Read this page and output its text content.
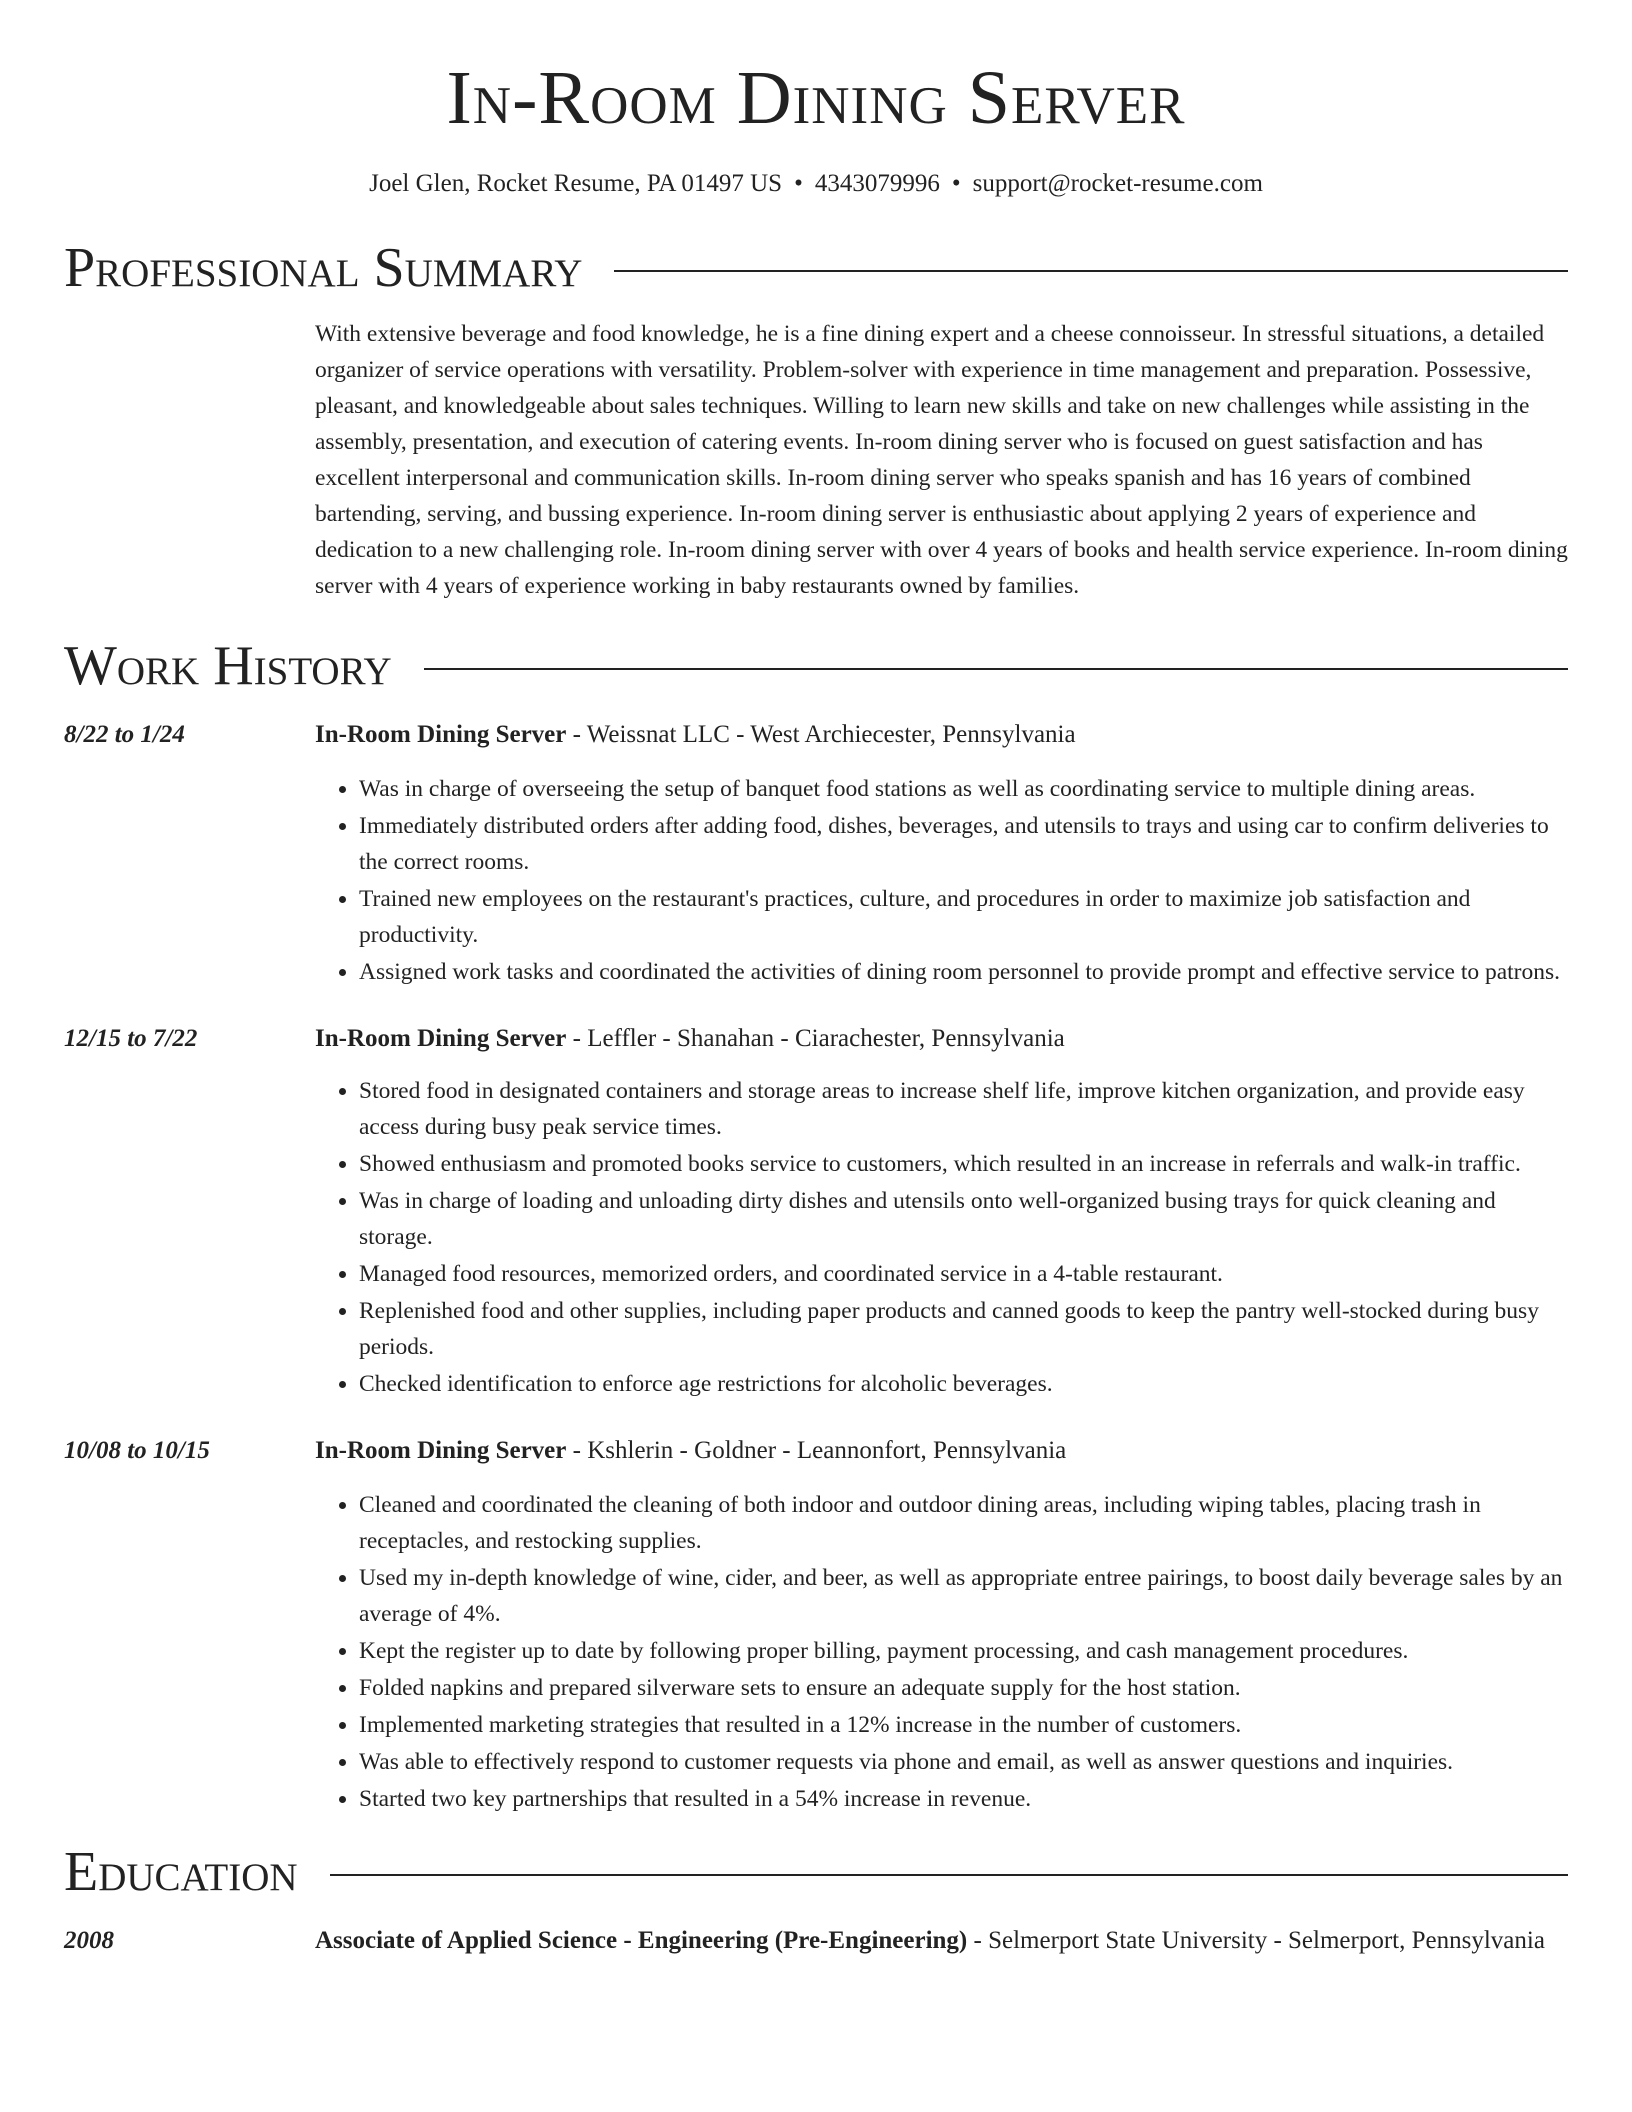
In-Room Dining Server
Joel Glen, Rocket Resume, PA 01497 US • 4343079996 • support@rocket-resume.com
Professional Summary

With extensive beverage and food knowledge, he is a fine dining expert and a cheese connoisseur. In stressful situations, a detailed organizer of service operations with versatility. Problem-solver with experience in time management and preparation. Possessive, pleasant, and knowledgeable about sales techniques. Willing to learn new skills and take on new challenges while assisting in the assembly, presentation, and execution of catering events. In-room dining server who is focused on guest satisfaction and has excellent interpersonal and communication skills. In-room dining server who speaks spanish and has 16 years of combined bartending, serving, and bussing experience. In-room dining server is enthusiastic about applying 2 years of experience and dedication to a new challenging role. In-room dining server with over 4 years of books and health service experience. In-room dining server with 4 years of experience working in baby restaurants owned by families.

Work History
8/22 to 1/24	In-Room Dining Server - Weissnat LLC - West Archiecester, Pennsylvania
• Was in charge of overseeing the setup of banquet food stations as well as coordinating service to multiple dining areas.
• Immediately distributed orders after adding food, dishes, beverages, and utensils to trays and using car to confirm deliveries to the correct rooms.
• Trained new employees on the restaurant's practices, culture, and procedures in order to maximize job satisfaction and productivity.
• Assigned work tasks and coordinated the activities of dining room personnel to provide prompt and effective service to patrons.
12/15 to 7/22	In-Room Dining Server - Leffler - Shanahan - Ciarachester, Pennsylvania
• Stored food in designated containers and storage areas to increase shelf life, improve kitchen organization, and provide easy access during busy peak service times.
• Showed enthusiasm and promoted books service to customers, which resulted in an increase in referrals and walk-in traffic.
• Was in charge of loading and unloading dirty dishes and utensils onto well-organized busing trays for quick cleaning and storage.
• Managed food resources, memorized orders, and coordinated service in a 4-table restaurant.
• Replenished food and other supplies, including paper products and canned goods to keep the pantry well-stocked during busy periods.
• Checked identification to enforce age restrictions for alcoholic beverages.
10/08 to 10/15	In-Room Dining Server - Kshlerin - Goldner - Leannonfort, Pennsylvania
• Cleaned and coordinated the cleaning of both indoor and outdoor dining areas, including wiping tables, placing trash in receptacles, and restocking supplies.
• Used my in-depth knowledge of wine, cider, and beer, as well as appropriate entree pairings, to boost daily beverage sales by an average of 4%.
• Kept the register up to date by following proper billing, payment processing, and cash management procedures.
• Folded napkins and prepared silverware sets to ensure an adequate supply for the host station.
• Implemented marketing strategies that resulted in a 12% increase in the number of customers.
• Was able to effectively respond to customer requests via phone and email, as well as answer questions and inquiries.
• Started two key partnerships that resulted in a 54% increase in revenue.
Education
2008	Associate of Applied Science - Engineering (Pre-Engineering) - Selmerport State University - Selmerport, Pennsylvania
